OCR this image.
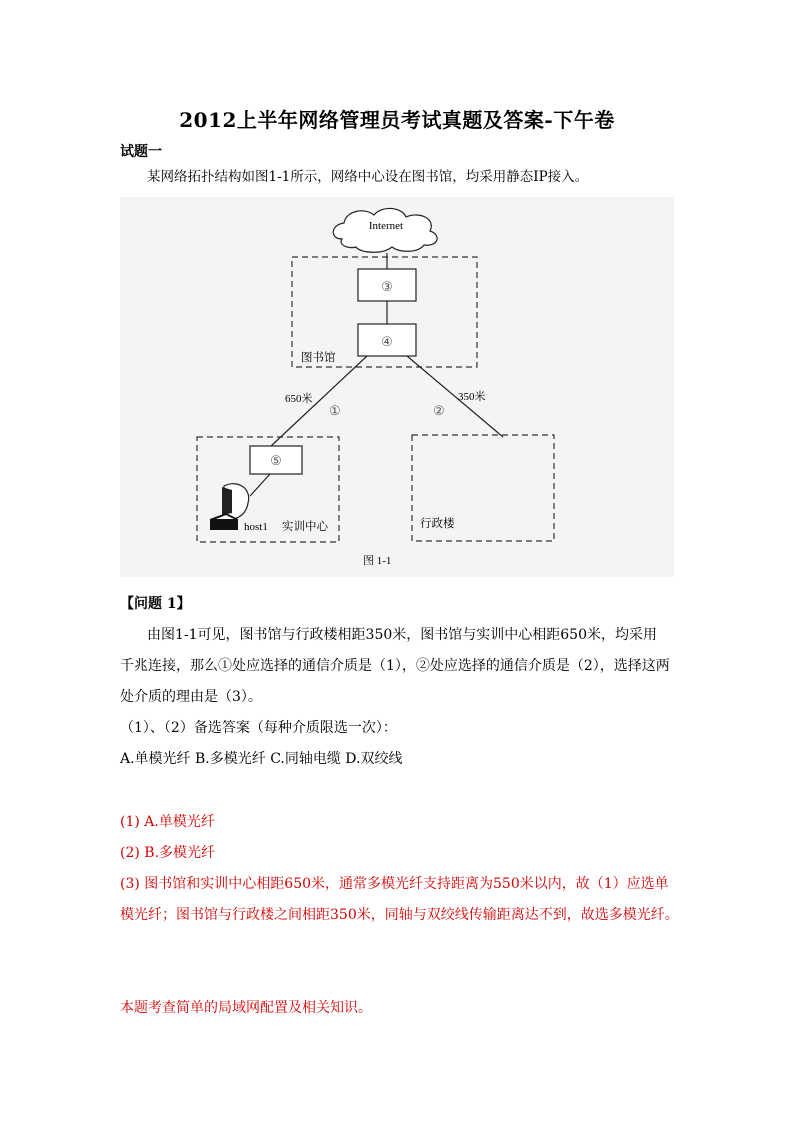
2012上半年网络管理员考试真题及答案-下午卷
试题一
某网络拓扑结构如图1-1所示，网络中心设在图书馆，均采用静态IP接入。
Internet
图书馆
③
④
650米
①
350米
②
⑤
host1 实训中心	行政楼
图 1-1
【问题 1】
由图1-1可见，图书馆与行政楼相距350米，图书馆与实训中心相距650米，均采用
千兆连接，那么①处应选择的通信介质是（1），②处应选择的通信介质是（2），选择这两
处介质的理由是（3）。
（1）、（2）备选答案（每种介质限选一次）：
A.单模光纤 B.多模光纤 C.同轴电缆 D.双绞线
(1) A.单模光纤
(2) B.多模光纤
(3) 图书馆和实训中心相距650米，通常多模光纤支持距离为550米以内，故（1）应选单
模光纤；图书馆与行政楼之间相距350米，同轴与双绞线传输距离达不到，故选多模光纤。
本题考查简单的局域网配置及相关知识。
